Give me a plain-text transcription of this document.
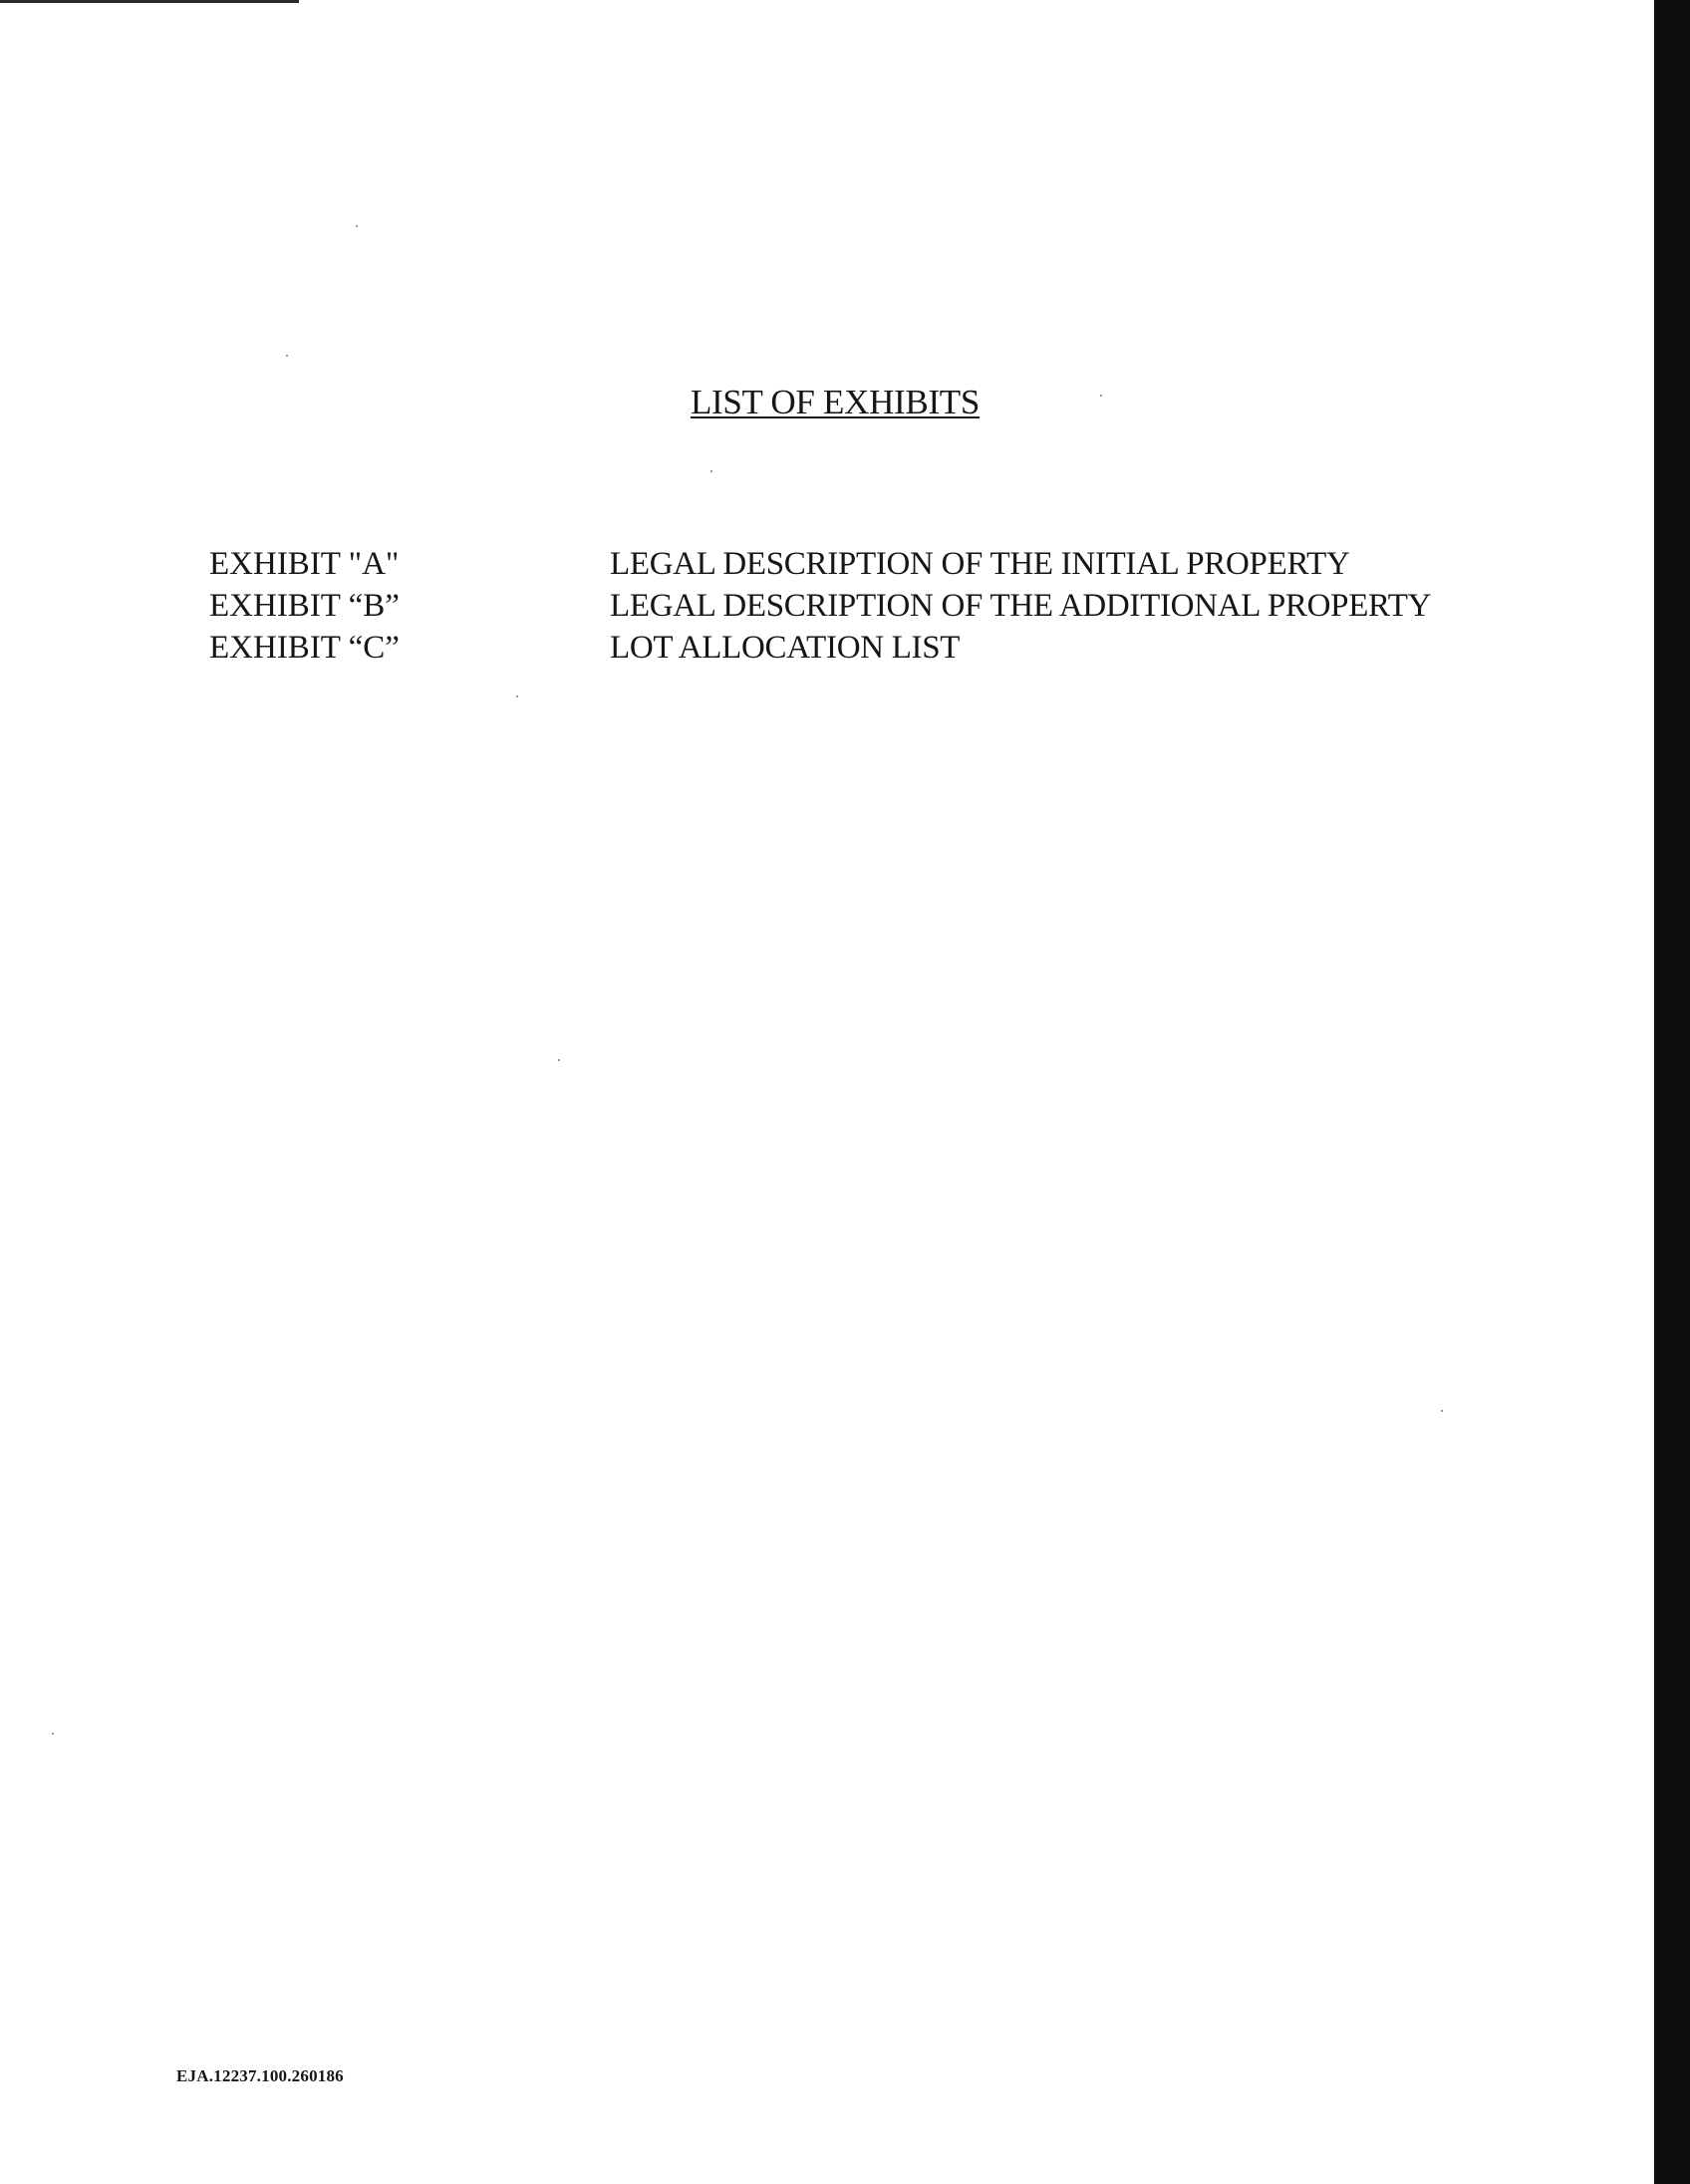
LIST OF EXHIBITS
EXHIBIT "A"	LEGAL DESCRIPTION OF THE INITIAL PROPERTY
EXHIBIT “B”	LEGAL DESCRIPTION OF THE ADDITIONAL PROPERTY
EXHIBIT “C”	LOT ALLOCATION LIST
EJA.12237.100.260186
